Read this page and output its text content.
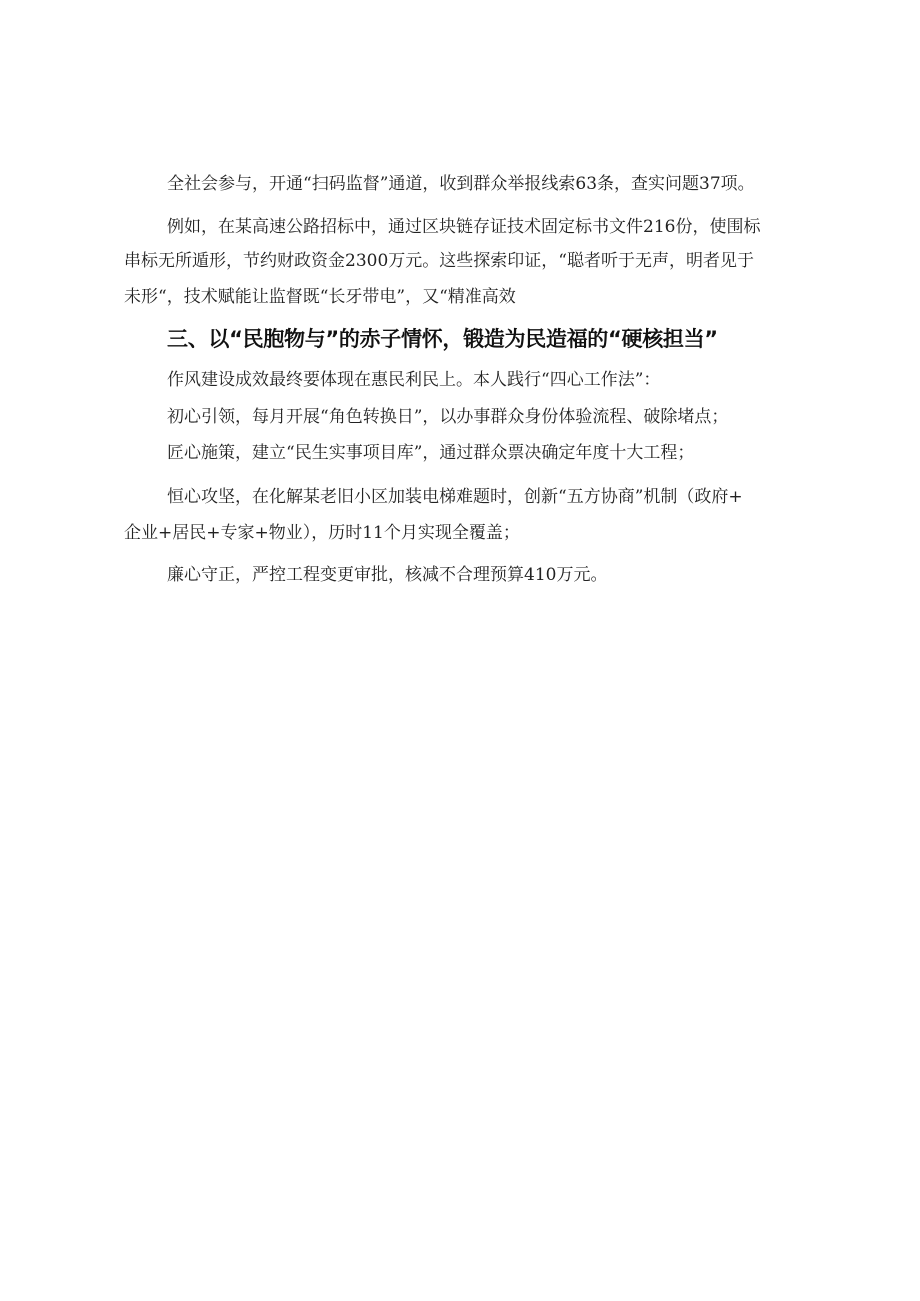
全社会参与，开通“扫码监督”通道，收到群众举报线索63条，查实问题37项。
例如，在某高速公路招标中，通过区块链存证技术固定标书文件216份，使围标
串标无所遁形，节约财政资金2300万元。这些探索印证，“聪者听于无声，明者见于
未形“，技术赋能让监督既“长牙带电”，又“精准高效
三、以“民胞物与”的赤子情怀，锻造为民造福的“硬核担当”
作风建设成效最终要体现在惠民利民上。本人践行“四心工作法”：
初心引领，每月开展“角色转换日”，以办事群众身份体验流程、破除堵点；
匠心施策，建立“民生实事项目库”，通过群众票决确定年度十大工程；
恒心攻坚，在化解某老旧小区加装电梯难题时，创新“五方协商”机制（政府+
企业+居民+专家+物业），历时11个月实现全覆盖；
廉心守正，严控工程变更审批，核减不合理预算410万元。
